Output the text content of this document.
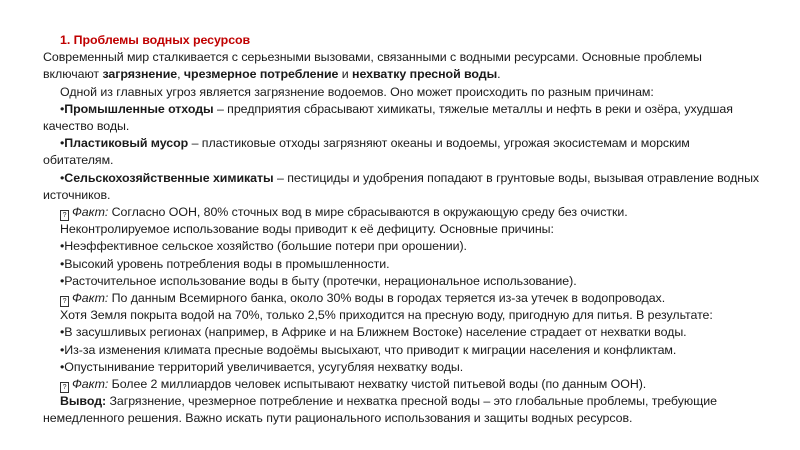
1. Проблемы водных ресурсов

Современный мир сталкивается с серьезными вызовами, связанными с водными ресурсами. Основные проблемы включают загрязнение, чрезмерное потребление и нехватку пресной воды.

Одной из главных угроз является загрязнение водоемов. Оно может происходить по разным причинам:

•Промышленные отходы – предприятия сбрасывают химикаты, тяжелые металлы и нефть в реки и озёра, ухудшая качество воды.

•Пластиковый мусор – пластиковые отходы загрязняют океаны и водоемы, угрожая экосистемам и морским обитателям.

•Сельскохозяйственные химикаты – пестициды и удобрения попадают в грунтовые воды, вызывая отравление водных источников.

? Факт: Согласно ООН, 80% сточных вод в мире сбрасываются в окружающую среду без очистки.

Неконтролируемое использование воды приводит к её дефициту. Основные причины:

•Неэффективное сельское хозяйство (большие потери при орошении).

•Высокий уровень потребления воды в промышленности.

•Расточительное использование воды в быту (протечки, нерациональное использование).

? Факт: По данным Всемирного банка, около 30% воды в городах теряется из-за утечек в водопроводах.

Хотя Земля покрыта водой на 70%, только 2,5% приходится на пресную воду, пригодную для питья. В результате:

•В засушливых регионах (например, в Африке и на Ближнем Востоке) население страдает от нехватки воды.

•Из-за изменения климата пресные водоёмы высыхают, что приводит к миграции населения и конфликтам.

•Опустынивание территорий увеличивается, усугубляя нехватку воды.

? Факт: Более 2 миллиардов человек испытывают нехватку чистой питьевой воды (по данным ООН).

Вывод: Загрязнение, чрезмерное потребление и нехватка пресной воды – это глобальные проблемы, требующие немедленного решения. Важно искать пути рационального использования и защиты водных ресурсов.
